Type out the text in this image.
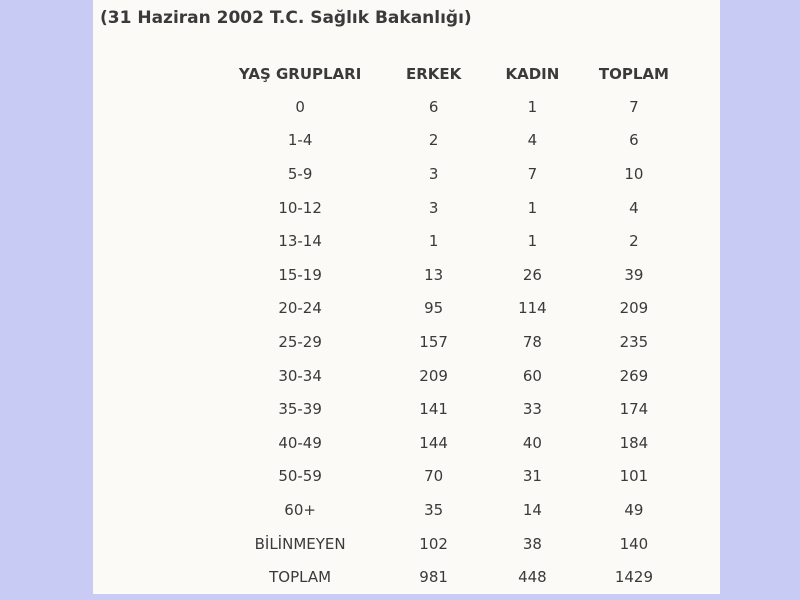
(31 Haziran 2002 T.C. Sağlık Bakanlığı)
YAŞ GRUPLARI	ERKEK	KADIN	TOPLAM
0	6	1	7
1-4	2	4	6
5-9	3	7	10
10-12	3	1	4
13-14	1	1	2
15-19	13	26	39
20-24	95	114	209
25-29	157	78	235
30-34	209	60	269
35-39	141	33	174
40-49	144	40	184
50-59	70	31	101
60+	35	14	49
BİLİNMEYEN	102	38	140
TOPLAM	981	448	1429
